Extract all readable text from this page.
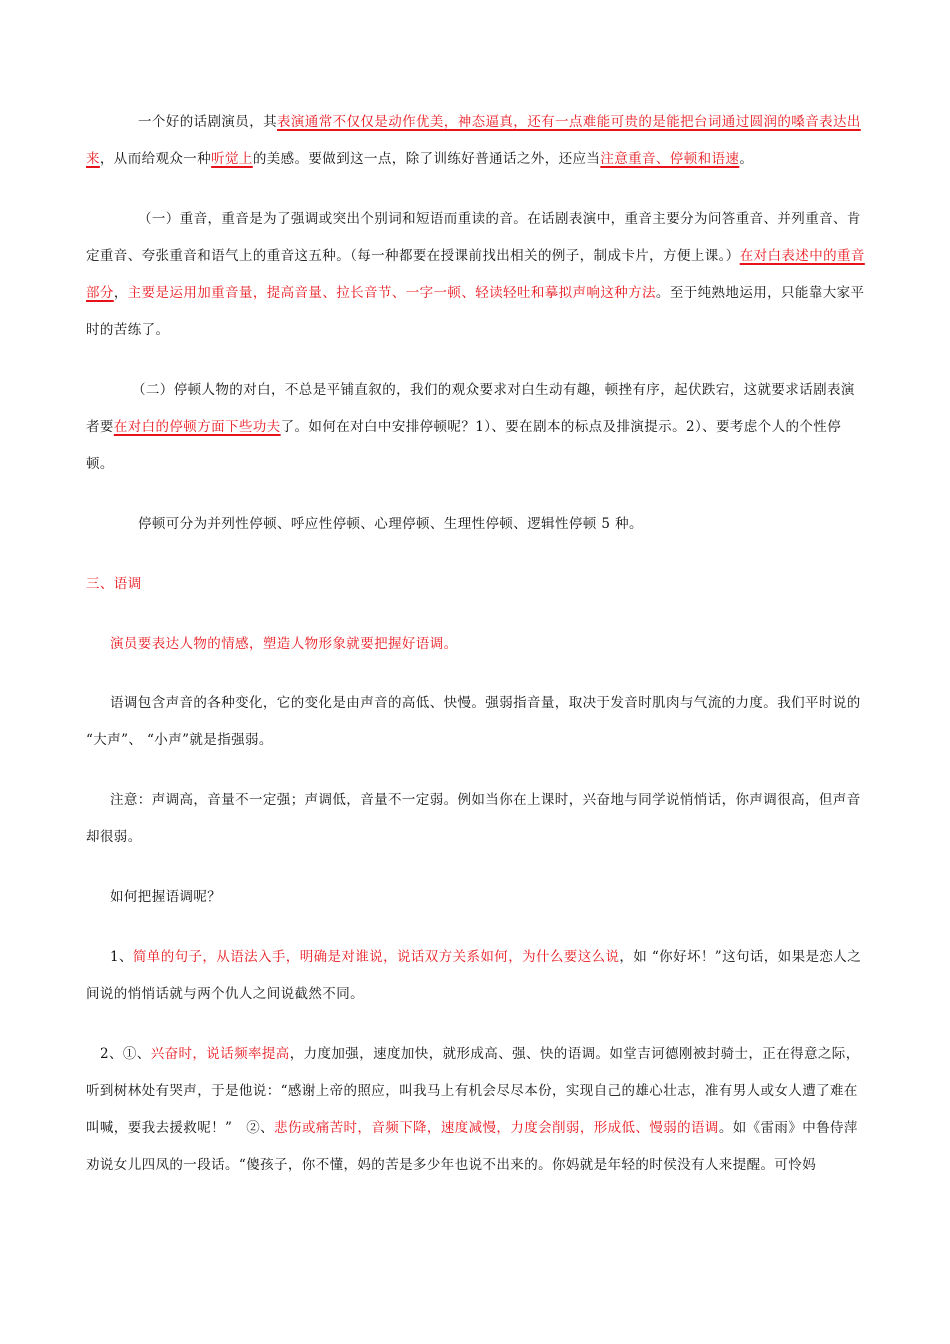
一个好的话剧演员，其表演通常不仅仅是动作优美，神态逼真，还有一点难能可贵的是能把台词通过圆润的嗓音表达出来，从而给观众一种听觉上的美感。要做到这一点，除了训练好普通话之外，还应当注意重音、停顿和语速。

（一）重音，重音是为了强调或突出个别词和短语而重读的音。在话剧表演中，重音主要分为问答重音、并列重音、肯定重音、夸张重音和语气上的重音这五种。（每一种都要在授课前找出相关的例子，制成卡片，方便上课。）在对白表述中的重音部分，主要是运用加重音量，提高音量、拉长音节、一字一顿、轻读轻吐和摹拟声响这种方法。至于纯熟地运用，只能靠大家平时的苦练了。

（二）停顿人物的对白，不总是平铺直叙的，我们的观众要求对白生动有趣，顿挫有序，起伏跌宕，这就要求话剧表演者要在对白的停顿方面下些功夫了。如何在对白中安排停顿呢？1）、要在剧本的标点及排演提示。2）、要考虑个人的个性停顿。

停顿可分为并列性停顿、呼应性停顿、心理停顿、生理性停顿、逻辑性停顿 5 种。

三、语调

演员要表达人物的情感，塑造人物形象就要把握好语调。

语调包含声音的各种变化，它的变化是由声音的高低、快慢。强弱指音量，取决于发音时肌肉与气流的力度。我们平时说的 “大声”、 “小声”就是指强弱。

注意：声调高，音量不一定强；声调低，音量不一定弱。例如当你在上课时，兴奋地与同学说悄悄话，你声调很高，但声音却很弱。

如何把握语调呢？

1、简单的句子，从语法入手，明确是对谁说，说话双方关系如何，为什么要这么说，如 “你好坏！”这句话，如果是恋人之间说的悄悄话就与两个仇人之间说截然不同。

2、①、兴奋时，说话频率提高，力度加强，速度加快，就形成高、强、快的语调。如堂吉诃德刚被封骑士，正在得意之际，听到树林处有哭声，于是他说：“感谢上帝的照应，叫我马上有机会尽尽本份，实现自己的雄心壮志，准有男人或女人遭了难在叫喊，要我去援救呢！”　②、悲伤或痛苦时，音频下降，速度减慢，力度会削弱，形成低、慢弱的语调。如《雷雨》中鲁侍萍劝说女儿四凤的一段话。“傻孩子，你不懂，妈的苦是多少年也说不出来的。你妈就是年轻的时侯没有人来提醒。可怜妈
